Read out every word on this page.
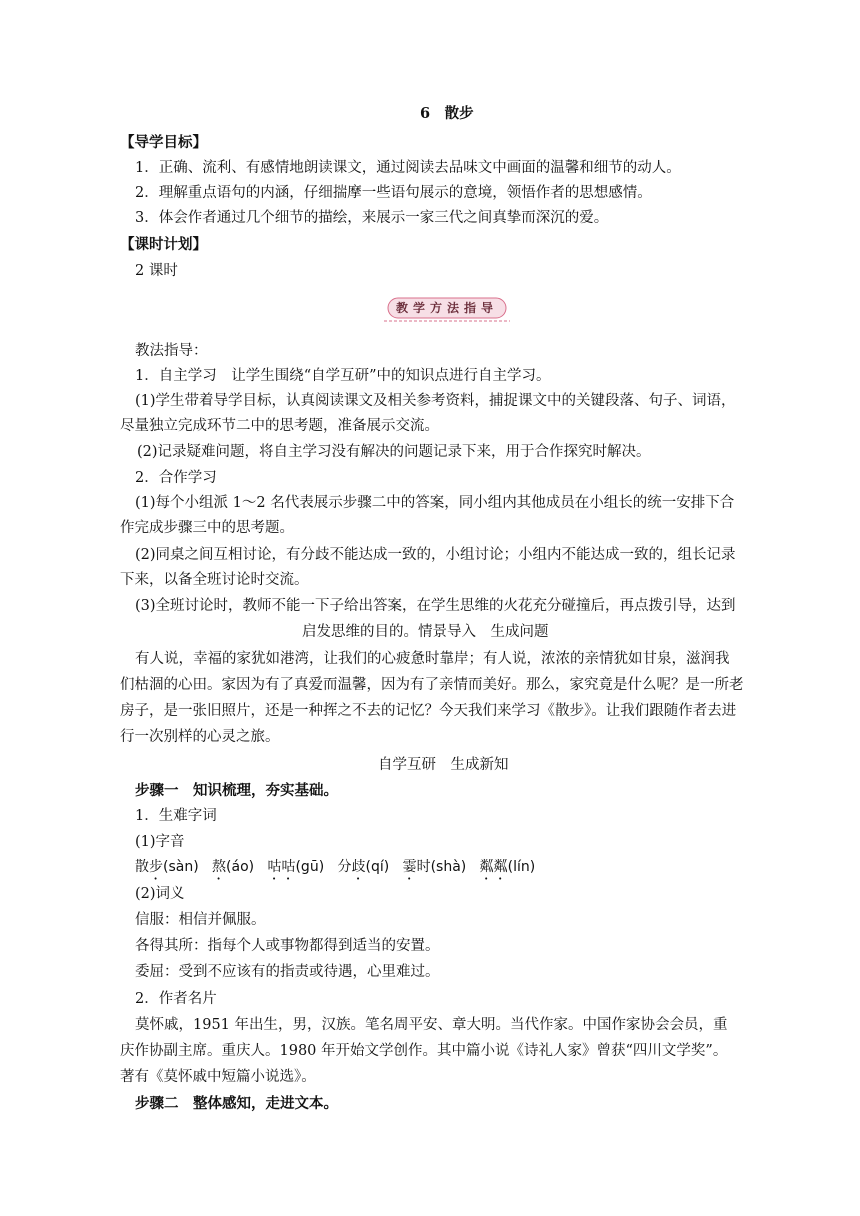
6　散步
【导学目标】
1．正确、流利、有感情地朗读课文，通过阅读去品味文中画面的温馨和细节的动人。
2．理解重点语句的内涵，仔细揣摩一些语句展示的意境，领悟作者的思想感情。
3．体会作者通过几个细节的描绘，来展示一家三代之间真挚而深沉的爱。
【课时计划】
2 课时
教学方法指导
教法指导：
1．自主学习　让学生围绕“自学互研”中的知识点进行自主学习。
(1)学生带着导学目标，认真阅读课文及相关参考资料，捕捉课文中的关键段落、句子、词语，
尽量独立完成环节二中的思考题，准备展示交流。
(2)记录疑难问题，将自主学习没有解决的问题记录下来，用于合作探究时解决。
2．合作学习
(1)每个小组派 1～2 名代表展示步骤二中的答案，同小组内其他成员在小组长的统一安排下合
作完成步骤三中的思考题。
(2)同桌之间互相讨论，有分歧不能达成一致的，小组讨论；小组内不能达成一致的，组长记录
下来，以备全班讨论时交流。
(3)全班讨论时，教师不能一下子给出答案，在学生思维的火花充分碰撞后，再点拨引导，达到
启发思维的目的。情景导入　生成问题
有人说，幸福的家犹如港湾，让我们的心疲惫时靠岸；有人说，浓浓的亲情犹如甘泉，滋润我
们枯涸的心田。家因为有了真爱而温馨，因为有了亲情而美好。那么，家究竟是什么呢？是一所老
房子，是一张旧照片，还是一种挥之不去的记忆？今天我们来学习《散步》。让我们跟随作者去进
行一次别样的心灵之旅。
自学互研　生成新知
步骤一　知识梳理，夯实基础。
1．生难字词
(1)字音
散步(sàn) 熬(áo) 咕咕(gū) 分歧(qí) 霎时(shà) 粼粼(lín)
(2)词义
信服：相信并佩服。
各得其所：指每个人或事物都得到适当的安置。
委屈：受到不应该有的指责或待遇，心里难过。
2．作者名片
莫怀戚，1951 年出生，男，汉族。笔名周平安、章大明。当代作家。中国作家协会会员，重
庆作协副主席。重庆人。1980 年开始文学创作。其中篇小说《诗礼人家》曾获“四川文学奖”。
著有《莫怀戚中短篇小说选》。
步骤二　整体感知，走进文本。
